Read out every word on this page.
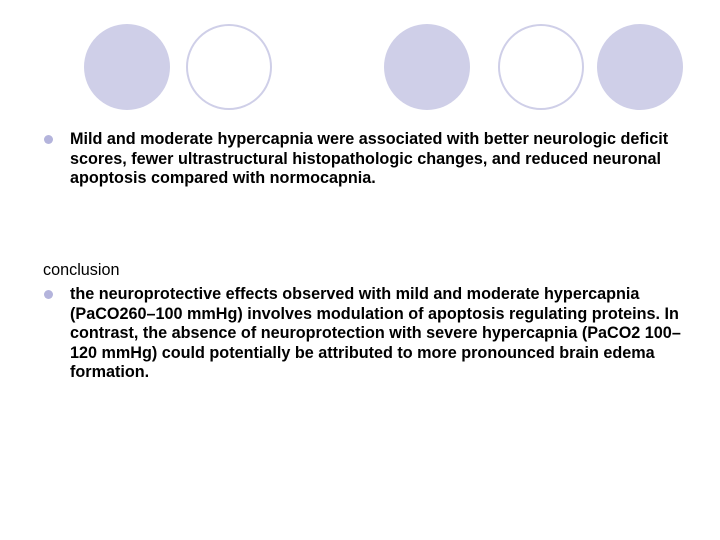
Mild and moderate hypercapnia were associated with better neurologic deficit scores, fewer ultrastructural histopathologic changes, and reduced neuronal apoptosis compared with normocapnia.
conclusion
the neuroprotective effects observed with mild and moderate hypercapnia (PaCO260–100 mmHg) involves modulation of apoptosis regulating proteins. In contrast, the absence of neuroprotection with severe hypercapnia (PaCO2 100–120 mmHg) could potentially be attributed to more pronounced brain edema formation.
